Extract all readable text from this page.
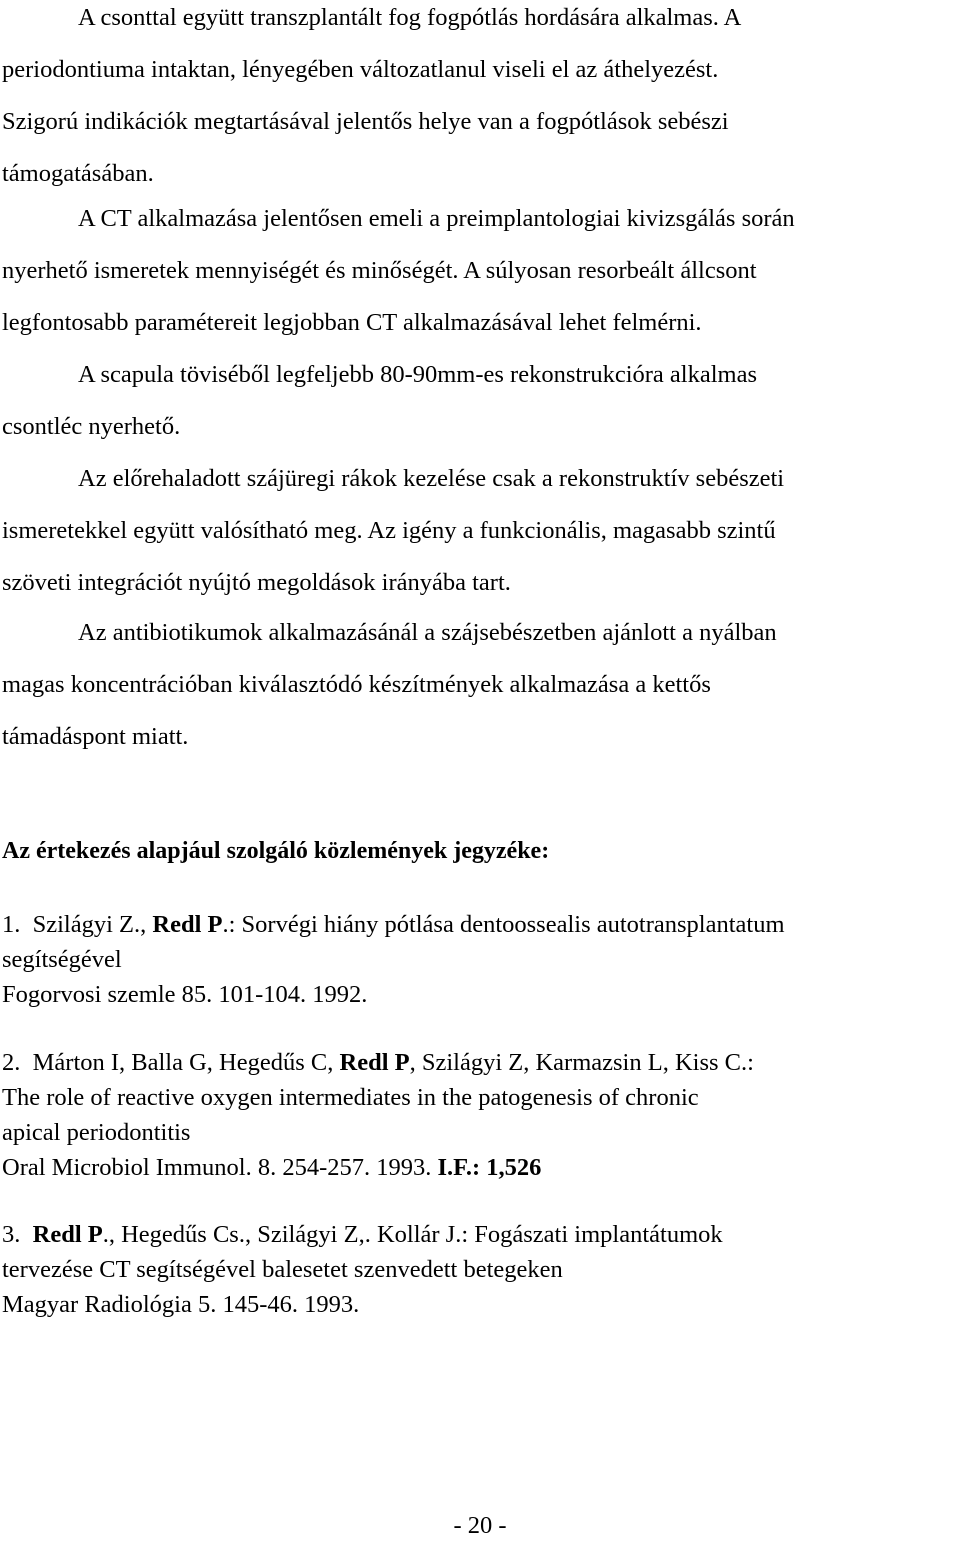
A csonttal együtt transzplantált fog fogpótlás hordására alkalmas. A
periodontiuma intaktan, lényegében változatlanul viseli el az áthelyezést.
Szigorú indikációk megtartásával jelentős helye van a fogpótlások sebészi
támogatásában.

A CT alkalmazása jelentősen emeli a preimplantologiai kivizsgálás során
nyerhető ismeretek mennyiségét és minőségét. A súlyosan resorbeált állcsont
legfontosabb paramétereit legjobban CT alkalmazásával lehet felmérni.

A scapula töviséből legfeljebb 80-90mm-es rekonstrukcióra alkalmas
csontléc nyerhető.

Az előrehaladott szájüregi rákok kezelése csak a rekonstruktív sebészeti
ismeretekkel együtt valósítható meg. Az igény a funkcionális, magasabb szintű
szöveti integrációt nyújtó megoldások irányába tart.

Az antibiotikumok alkalmazásánál a szájsebészetben ajánlott a nyálban
magas koncentrációban kiválasztódó készítmények alkalmazása a kettős
támadáspont miatt.

Az értekezés alapjául szolgáló közlemények jegyzéke:
1. Szilágyi Z., Redl P.: Sorvégi hiány pótlása dentoossealis autotransplantatum
segítségével
Fogorvosi szemle 85. 101-104. 1992.
2. Márton I, Balla G, Hegedűs C, Redl P, Szilágyi Z, Karmazsin L, Kiss C.:
The role of reactive oxygen intermediates in the patogenesis of chronic
apical periodontitis
Oral Microbiol Immunol. 8. 254-257. 1993. I.F.: 1,526
3. Redl P., Hegedűs Cs., Szilágyi Z,. Kollár J.: Fogászati implantátumok
tervezése CT segítségével balesetet szenvedett betegeken
Magyar Radiológia 5. 145-46. 1993.

- 20 -
